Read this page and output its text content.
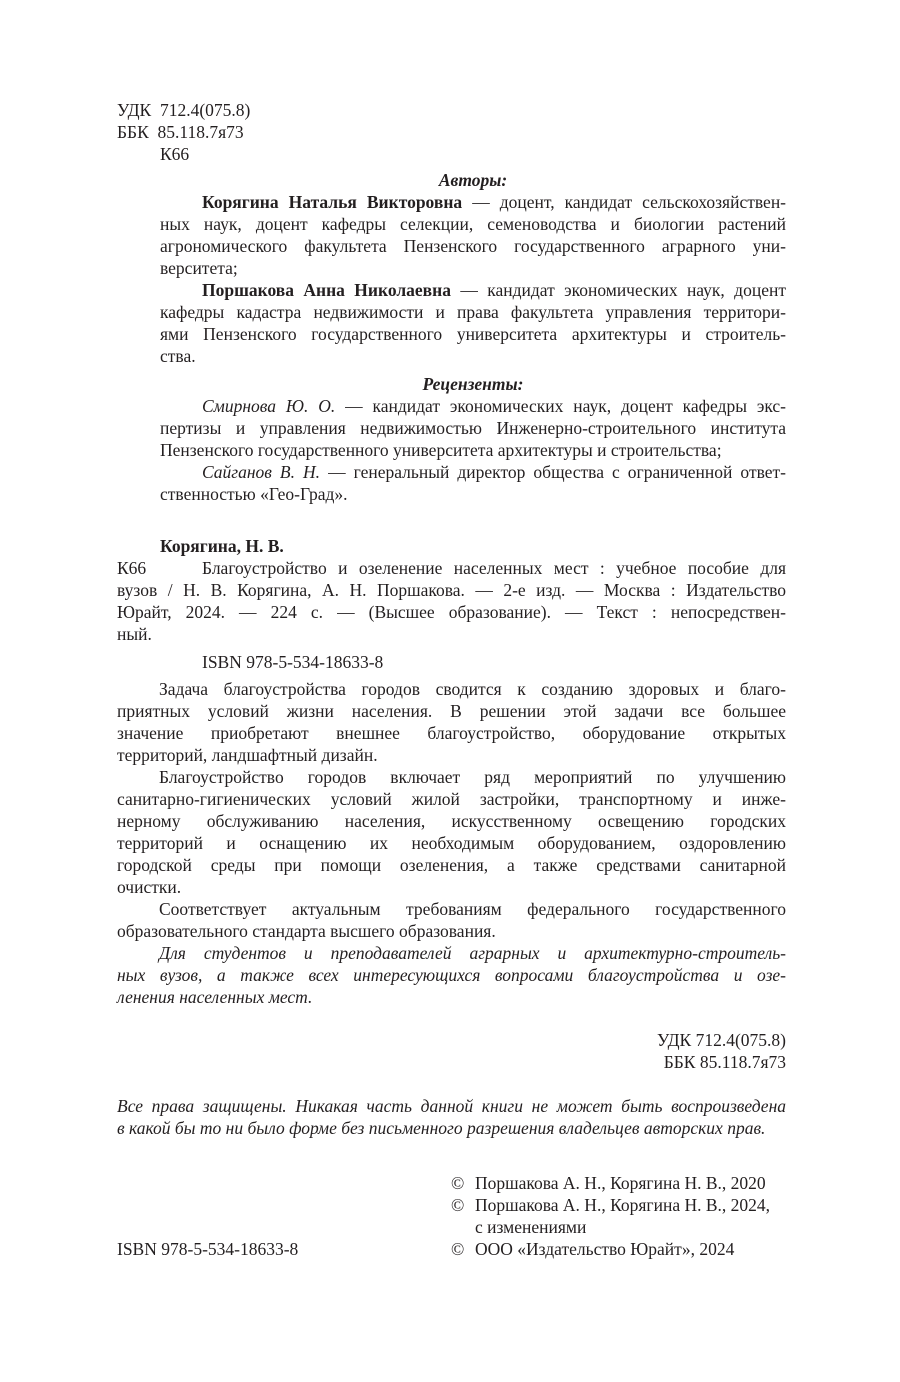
УДК 712.4(075.8)
ББК 85.118.7я73
К66
Авторы:
Корягина Наталья Викторовна — доцент, кандидат сельскохозяйствен-
ных наук, доцент кафедры селекции, семеноводства и биологии растений
агрономического факультета Пензенского государственного аграрного уни-
верситета;
Поршакова Анна Николаевна — кандидат экономических наук, доцент
кафедры кадастра недвижимости и права факультета управления территори-
ями Пензенского государственного университета архитектуры и строитель-
ства.
Рецензенты:
Смирнова Ю. О. — кандидат экономических наук, доцент кафедры экс-
пертизы и управления недвижимостью Инженерно-строительного института
Пензенского государственного университета архитектуры и строительства;
Сайганов В. Н. — генеральный директор общества с ограниченной ответ-
ственностью «Гео-Град».
Корягина, Н. В.
К66	Благоустройство и озеленение населенных мест : учебное пособие для
вузов / Н. В. Корягина, А. Н. Поршакова. — 2-е изд. — Москва : Издательство
Юрайт, 2024. — 224 с. — (Высшее образование). — Текст : непосредствен-
ный.
ISBN 978-5-534-18633-8
Задача благоустройства городов сводится к созданию здоровых и благо-
приятных условий жизни населения. В решении этой задачи все большее
значение приобретают внешнее благоустройство, оборудование открытых
территорий, ландшафтный дизайн.
Благоустройство городов включает ряд мероприятий по улучшению
санитарно-гигиенических условий жилой застройки, транспортному и инже-
нерному обслуживанию населения, искусственному освещению городских
территорий и оснащению их необходимым оборудованием, оздоровлению
городской среды при помощи озеленения, а также средствами санитарной
очистки.
Соответствует актуальным требованиям федерального государственного
образовательного стандарта высшего образования.
Для студентов и преподавателей аграрных и архитектурно-строитель-
ных вузов, а также всех интересующихся вопросами благоустройства и озе-
ленения населенных мест.
УДК 712.4(075.8)
ББК 85.118.7я73
Все права защищены. Никакая часть данной книги не может быть воспроизведена
в какой бы то ни было форме без письменного разрешения владельцев авторских прав.
© Поршакова А. Н., Корягина Н. В., 2020
© Поршакова А. Н., Корягина Н. В., 2024,
с изменениями
© ООО «Издательство Юрайт», 2024
ISBN 978-5-534-18633-8
